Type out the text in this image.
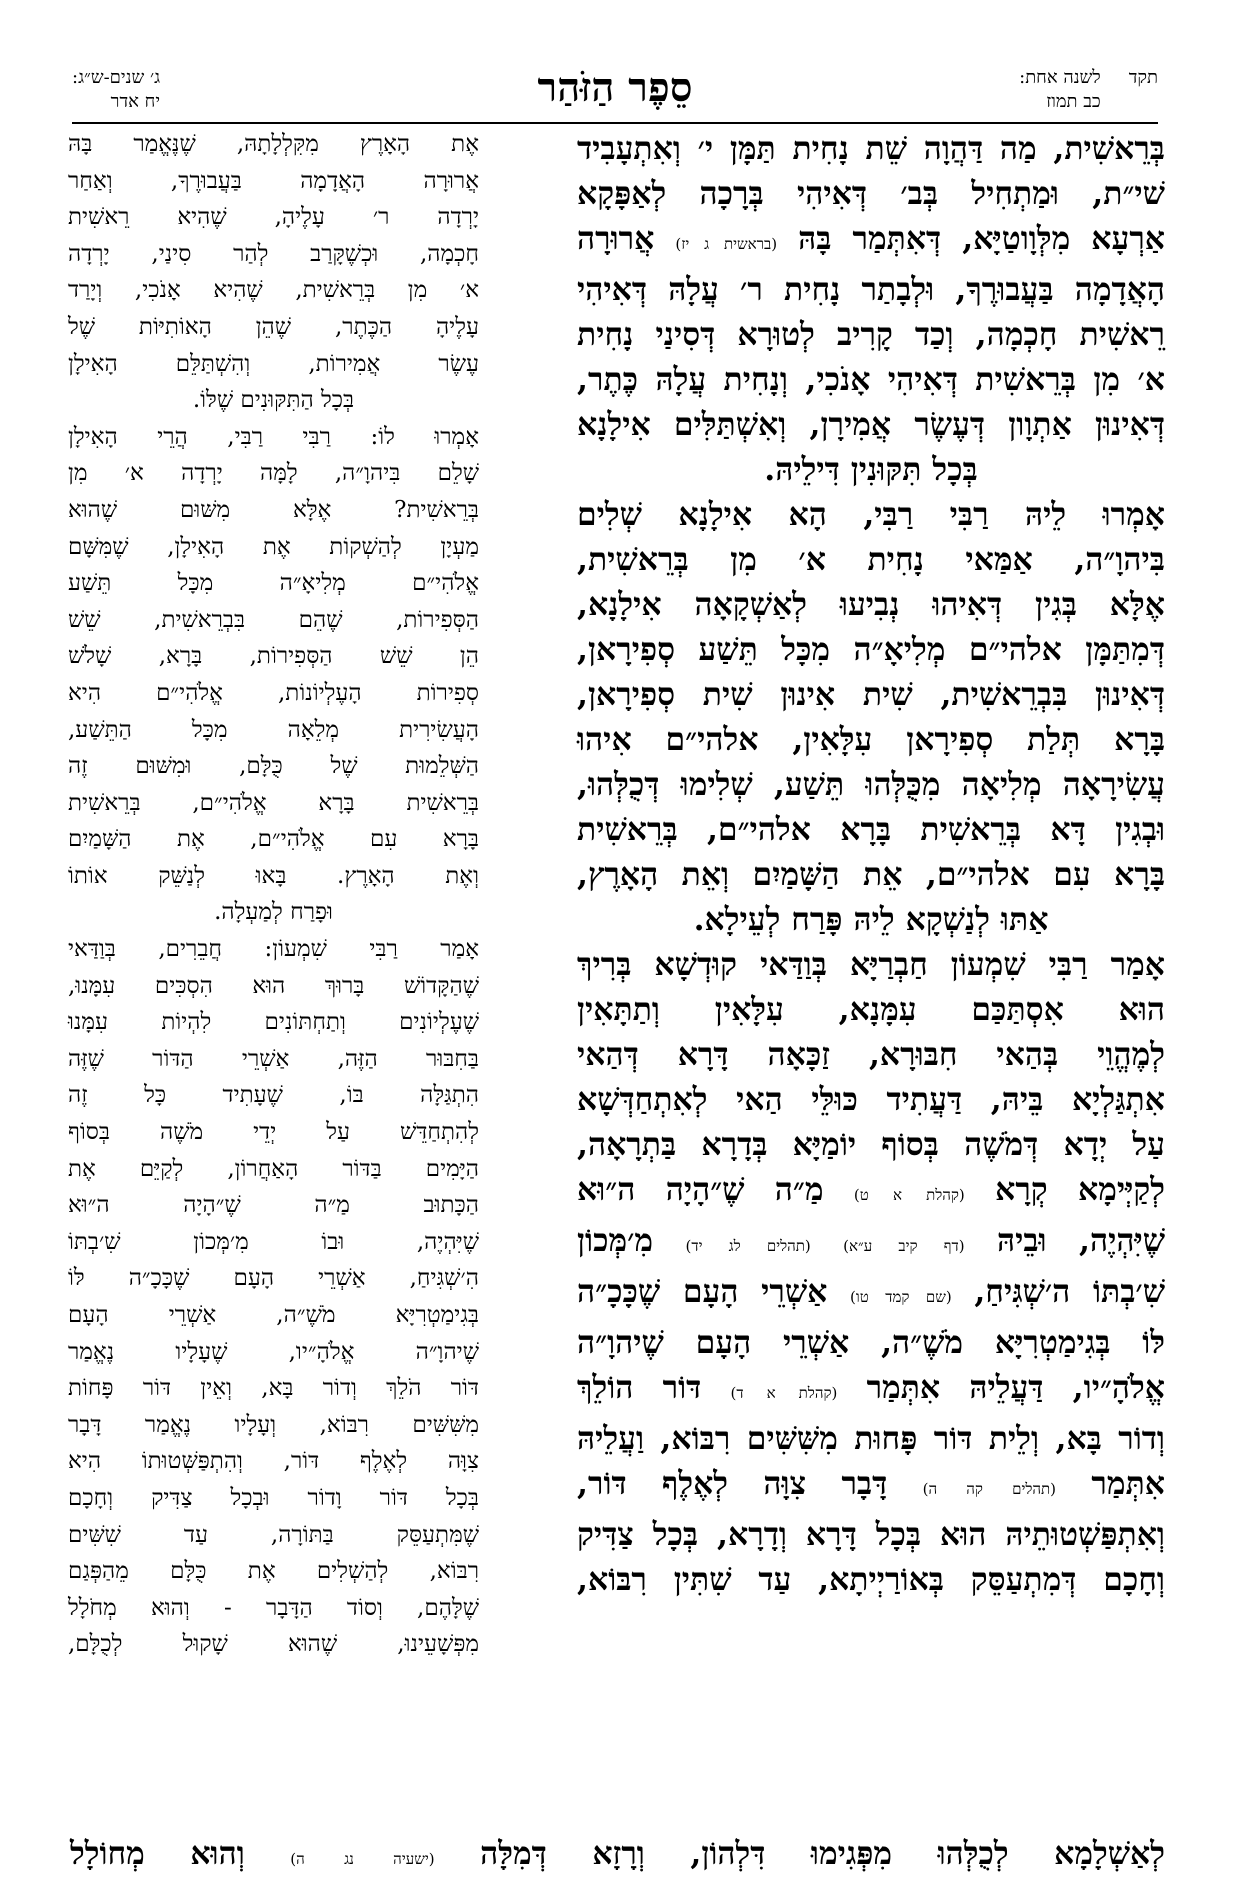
תקדלשנה אחת:
כב תמוז
סֵפֶר הַזֹּהַר
ג׳ שנים-ש״ג:
יח אדר
בְּרֵאשִׁית, מַה דַּהֲוָה שֵׁת נָחִית תַּמָּן י׳ וְאִתְעָבִיד
שׁי״ת, וּמַתְחִיל בְּב׳ דְּאִיהִי בְּרָכָה לְאַפָּקָא
אַרְעָא מִלְּוָוטַיָּא, דְּאִתְּמַר בָּהּ (בראשית ג יז) אֲרוּרָה
הָאֲדָמָה בַּעֲבוּרֶךָ, וּלְבָתַר נָחִית ר׳ עֲלָהּ דְּאִיהִי
רֵאשִׁית חָכְמָה, וְכַד קָרִיב לְטוּרָא דְּסִינַי נָחִית
א׳ מִן בְּרֵאשִׁית דְּאִיהִי אָנֹכִי, וְנָחִית עֲלָהּ כֶּתֶר,
דְּאִינוּן אַתְוָון דְּעֶשֶׂר אֲמִירָן, וְאִשְׁתַּלִּים אִילָנָא
בְּכָל תִּקּוּנִין דִּילֵיהּ.
אָמְרוּ לֵיהּ רַבִּי רַבִּי, הָא אִילָנָא שְׁלִים
בִּיהוָ״ה, אַמַּאי נָחִית א׳ מִן בְּרֵאשִׁית,
אֶלָּא בְּגִין דְּאִיהוּ נְבִיעוּ לְאַשְׁקָאָה אִילָנָא,
דְּמִתַּמָּן אלהי״ם מְלִיאָ״ה מִכָּל תֵּשַׁע סְפִירָאן,
דְּאִינוּן בִּבְרֵאשִׁית, שִׁית אִינוּן שִׁית סְפִירָאן,
בָּרָא תְּלַת סְפִירָאן עִלָּאִין, אלהי״ם אִיהוּ
עֲשִׂירָאָה מְלִיאָה מִכֻּלְּהוּ תֵּשַׁע, שְׁלִימוּ דְּכֻלְּהוּ,
וּבְגִין דָּא בְּרֵאשִׁית בָּרָא אלהי״ם, בְּרֵאשִׁית
בָּרָא עִם אלהי״ם, אֵת הַשָּׁמַיִם וְאֵת הָאָרֶץ,
אַתּוּ לְנַשְׁקָא לֵיהּ פָּרַח לְעֵילָא.
אָמַר רַבִּי שִׁמְעוֹן חַבְרַיָּא בְּוַדַּאי קוּדְשָׁא בְּרִיךְ
הוּא אִסְתַּכַּם עִמָּנָא, עִלָּאִין וְתַתָּאִין
לְמֶהֱוֵי בְּהַאי חִבּוּרָא, זַכָּאָה דָּרָא דְּהַאי
אִתְגַּלְיָא בֵּיהּ, דַּעֲתִיד כּוּלֵּי הַאי לְאִתְחַדְּשָׁא
עַל יְדָא דְּמֹשֶׁה בְּסוֹף יוֹמַיָּא בְּדָרָא בַּתְרָאָה,
לְקַיְּימָא קְרָא (קהלת א ט) מַ״ה שֶׁ״הָיָה ה״וּא
שֶׁיִּהְיֶה, וּבֵיהּ (דף קיב ע״א) (תהלים לג יד) מִ׳מְּכוֹן
שִׁ׳בְתּוֹ ה׳שְׁגִּיחַ, (שם קמד טו) אַשְׁרֵי הָעָם שֶׁכָּכָ״ה
לּוֹ בְּגִימַטְרִיָּא מֹשֶׁ״ה, אַשְׁרֵי הָעָם שֶׁיהוָ״ה
אֱלֹהָ״יו, דַּעֲלֵיהּ אִתְּמַר (קהלת א ד) דּוֹר הוֹלֵךְ
וְדוֹר בָּא, וְלֵית דּוֹר פָּחוּת מִשִּׁשִּׁים רִבּוֹא, וַעֲלֵיהּ
אִתְּמַר (תהלים קה ה) דָּבָר צִוָּה לְאֶלֶף דּוֹר,
וְאִתְפַּשְׁטוּתֵיהּ הוּא בְּכָל דָּרָא וְדָרָא, בְּכָל צַדִּיק
וְחָכָם דְּמִתְעַסֵּק בְּאוֹרַיְיתָא, עַד שִׁתִּין רִבּוֹא,
אֶת הָאָרֶץ מִקִּלְלָתָהּ, שֶׁנֶּאֱמַר בָּהּ
אֲרוּרָה הָאֲדָמָה בַּעֲבוּרֶךָ, וְאַחַר
יָרְדָה ר׳ עָלֶיהָ, שֶׁהִיא רֵאשִׁית
חָכְמָה, וּכְשֶׁקָּרַב לְהַר סִינַי, יָרְדָה
א׳ מִן בְּרֵאשִׁית, שֶׁהִיא אָנֹכִי, וְיָרַד
עָלֶיהָ הַכֶּתֶר, שֶׁהֵן הָאוֹתִיּוֹת שֶׁל
עֶשֶׂר אֲמִירוֹת, וְהִשְׁתַּלֵּם הָאִילָן
בְּכָל הַתִּקּוּנִים שֶׁלּוֹ.
אָמְרוּ לוֹ: רַבִּי רַבִּי, הֲרֵי הָאִילָן
שָׁלֵם בִּיהוָ״ה, לָמָּה יָרְדָה א׳ מִן
בְּרֵאשִׁית? אֶלָּא מִשּׁוּם שֶׁהוּא
מַעְיָן לְהַשְׁקוֹת אֶת הָאִילָן, שֶׁמִּשָּׁם
אֱלֹהִי״ם מְלִיאָ״ה מִכָּל תֵּשַׁע
הַסְּפִירוֹת, שֶׁהֵם בִּבְרֵאשִׁית, שֵׁשׁ
הֵן שֵׁשׁ הַסְּפִירוֹת, בָּרָא, שָׁלֹשׁ
סְפִירוֹת הָעֶלְיוֹנוֹת, אֱלֹהִי״ם הִיא
הָעֲשִׂירִית מְלֵאָה מִכָּל הַתֵּשַׁע,
הַשְּׁלֵמוּת שֶׁל כֻּלָּם, וּמִשּׁוּם זֶה
בְּרֵאשִׁית בָּרָא אֱלֹהִי״ם, בְּרֵאשִׁית
בָּרָא עִם אֱלֹהִי״ם, אֶת הַשָּׁמַיִם
וְאֶת הָאָרֶץ. בָּאוּ לְנַשֵּׁק אוֹתוֹ
וּפָרַח לְמַעְלָה.
אָמַר רַבִּי שִׁמְעוֹן: חֲבֵרִים, בְּוַדַּאי
שֶׁהַקָּדוֹשׁ בָּרוּךְ הוּא הִסְכִּים עִמָּנוּ,
שֶׁעֶלְיוֹנִים וְתַחְתּוֹנִים לִהְיוֹת עִמָּנוּ
בַּחִבּוּר הַזֶּה, אַשְׁרֵי הַדּוֹר שֶׁזֶּה
הִתְגַּלָּה בּוֹ, שֶׁעָתִיד כָּל זֶה
לְהִתְחַדֵּשׁ עַל יְדֵי מֹשֶׁה בְּסוֹף
הַיָּמִים בַּדּוֹר הָאַחֲרוֹן, לְקַיֵּם אֶת
הַכָּתוּב מַ״ה שֶׁ״הָיָה ה״וּא
שֶׁיִּהְיֶה, וּבוֹ מִ׳מְּכוֹן שִׁ׳בְתּוֹ
הִ׳שְׁגִּיחַ, אַשְׁרֵי הָעָם שֶׁכָּכָ״ה לּוֹ
בְּגִימַטְרִיָּא מֹשֶׁ״ה, אַשְׁרֵי הָעָם
שֶׁיהוָ״ה אֱלֹהָ״יו, שֶׁעָלָיו נֶאֱמַר
דּוֹר הֹלֵךְ וְדוֹר בָּא, וְאֵין דּוֹר פָּחוֹת
מִשִּׁשִּׁים רִבּוֹא, וְעָלָיו נֶאֱמַר דָּבָר
צִוָּה לְאֶלֶף דּוֹר, וְהִתְפַּשְּׁטוּתוֹ הִיא
בְּכָל דּוֹר וָדוֹר וּבְכָל צַדִּיק וְחָכָם
שֶׁמִּתְעַסֵּק בַּתּוֹרָה, עַד שִׁשִּׁים
רִבּוֹא, לְהַשְׁלִים אֶת כֻּלָּם מֵהַפְּגַם
שֶׁלָּהֶם, וְסוֹד הַדָּבָר - וְהוּא מְחֹלָל
מִפְּשָׁעֵינוּ, שֶׁהוּא שָׁקוּל לְכֻלָּם,
לְאַשְׁלָמָא לְכֻלְּהוּ מִפְּגִימוּ דִּלְהוֹן, וְרָזָא דְּמִלָּה (ישעיה נג ה) וְהוּא מְחוֹלָל
